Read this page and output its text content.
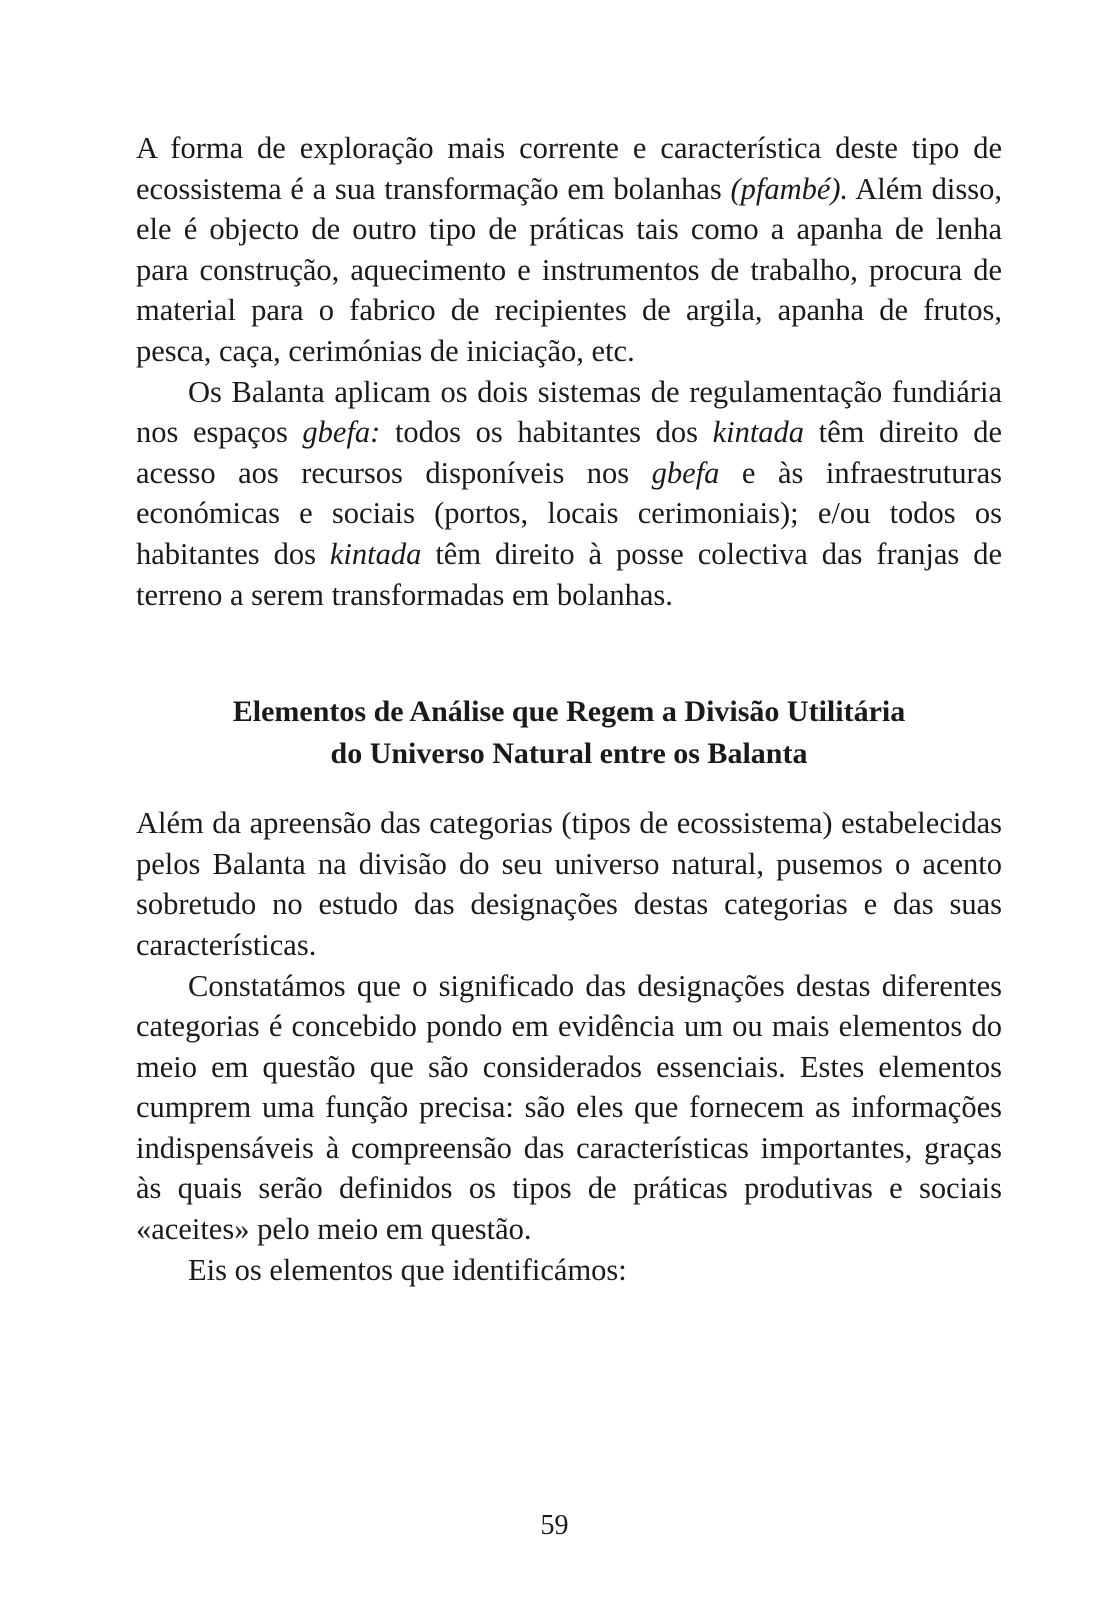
A forma de exploração mais corrente e característica deste tipo de ecossistema é a sua transformação em bolanhas (pfambé). Além disso, ele é objecto de outro tipo de práticas tais como a apanha de lenha para construção, aquecimento e instrumentos de trabalho, procura de material para o fabrico de recipientes de argila, apanha de frutos, pesca, caça, cerimónias de iniciação, etc.

Os Balanta aplicam os dois sistemas de regulamentação fundiária nos espaços gbefa: todos os habitantes dos kintada têm direito de acesso aos recursos disponíveis nos gbefa e às infraestruturas económicas e sociais (portos, locais cerimoniais); e/ou todos os habitantes dos kintada têm direito à posse colectiva das franjas de terreno a serem transformadas em bolanhas.

Elementos de Análise que Regem a Divisão Utilitária
do Universo Natural entre os Balanta

Além da apreensão das categorias (tipos de ecossistema) estabelecidas pelos Balanta na divisão do seu universo natural, pusemos o acento sobretudo no estudo das designações destas categorias e das suas características.

Constatámos que o significado das designações destas diferentes categorias é concebido pondo em evidência um ou mais elementos do meio em questão que são considerados essenciais. Estes elementos cumprem uma função precisa: são eles que fornecem as informações indispensáveis à compreensão das características importantes, graças às quais serão definidos os tipos de práticas produtivas e sociais «aceites» pelo meio em questão.

Eis os elementos que identificámos:

59
